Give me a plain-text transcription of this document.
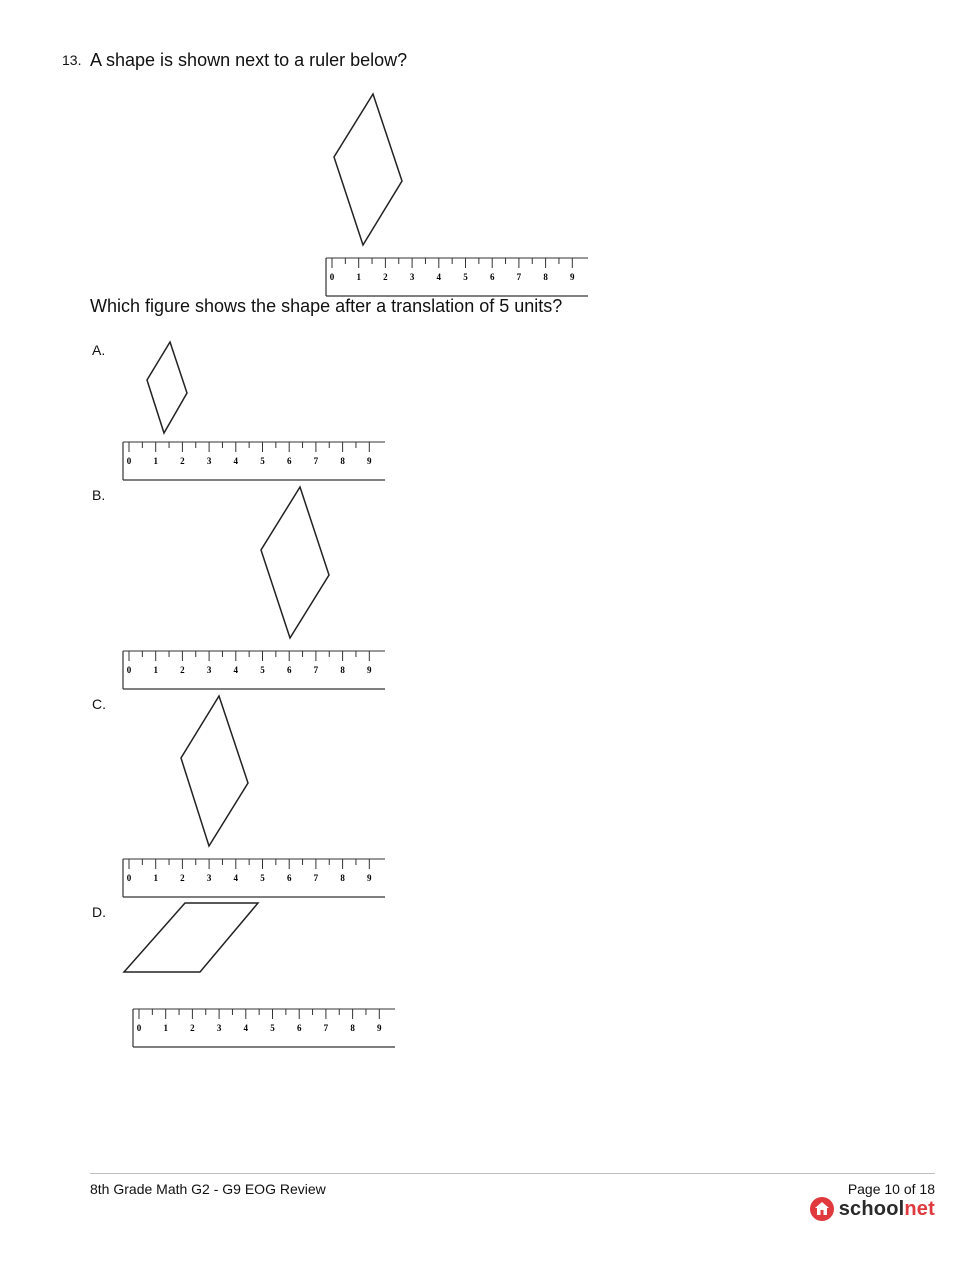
13. A shape is shown next to a ruler below?
Which figure shows the shape after a translation of 5 units?
A.
B.
C.
D.
0 1 2 3 4 5 6 7 8 9
0 1 2 3 4 5 6 7 8 9
0 1 2 3 4 5 6 7 8 9
0 1 2 3 4 5 6 7 8 9
0 1 2 3 4 5 6 7 8 9
8th Grade Math G2 - G9 EOG Review	Page 10 of 18
schoolnet
